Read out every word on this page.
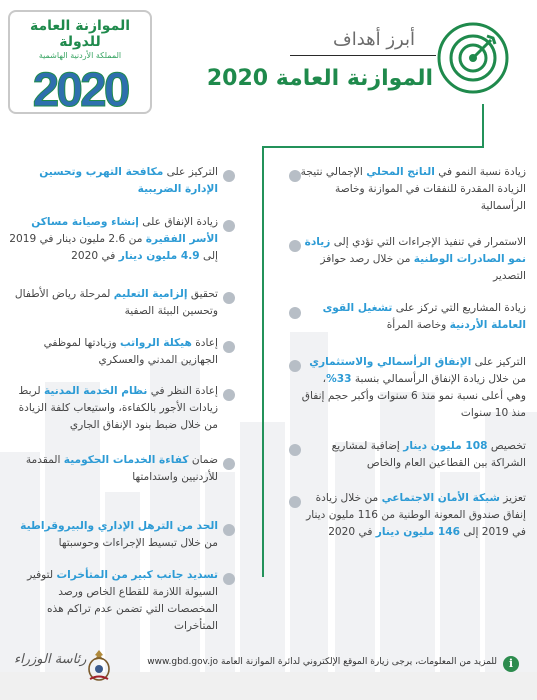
الموازنة العامة للدولة
المملكة الأردنية الهاشمية
2020
أبرز أهداف
الموازنة العامة 2020
زيادة نسبة النمو في الناتج المحلي الإجمالي نتيجة الزيادة المقدرة للنفقات في الموازنة وخاصة الرأسمالية
الاستمرار في تنفيذ الإجراءات التي تؤدي إلى زيادة نمو الصادرات الوطنية من خلال رصد حوافز التصدير
زيادة المشاريع التي تركز على تشغيل القوى العاملة الأردنية وخاصة المرأة
التركيز على الإنفاق الرأسمالي والاستثماري من خلال زيادة الإنفاق الرأسمالي بنسبة 33%، وهي أعلى نسبة نمو منذ 6 سنوات وأكبر حجم إنفاق منذ 10 سنوات
تخصيص 108 مليون دينار إضافية لمشاريع الشراكة بين القطاعين العام والخاص
تعزيز شبكة الأمان الاجتماعي من خلال زيادة إنفاق صندوق المعونة الوطنية من 116 مليون دينار في 2019 إلى 146 مليون دينار في 2020
التركيز على مكافحة التهرب وتحسين الإدارة الضريبية
زيادة الإنفاق على إنشاء وصيانة مساكن الأسر الفقيرة من 2.6 مليون دينار في 2019 إلى 4.9 مليون دينار في 2020
تحقيق إلزامية التعليم لمرحلة رياض الأطفال وتحسين البيئة الصفية
إعادة هيكلة الرواتب وزيادتها لموظفي الجهازين المدني والعسكري
إعادة النظر في نظام الخدمة المدنية لربط زيادات الأجور بالكفاءة، واستيعاب كلفة الزيادة من خلال ضبط بنود الإنفاق الجاري
ضمان كفاءة الخدمات الحكومية المقدمة للأردنيين واستدامتها
الحد من الترهل الإداري والبيروقراطية من خلال تبسيط الإجراءات وحوسبتها
تسديد جانب كبير من المتأخرات لتوفير السيولة اللازمة للقطاع الخاص ورصد المخصصات التي تضمن عدم تراكم هذه المتأخرات
i
للمزيد من المعلومات، يرجى زيارة الموقع الإلكتروني لدائرة الموازنة العامة www.gbd.gov.jo
رئاسة الوزراء
